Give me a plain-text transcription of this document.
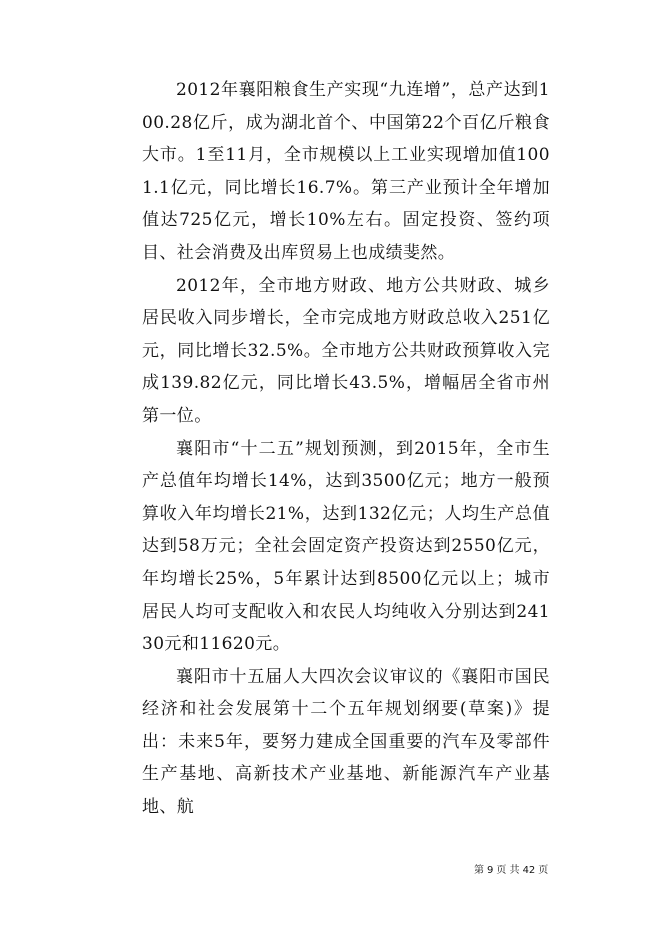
2012年襄阳粮食生产实现“九连增”，总产达到100.28亿斤，成为湖北首个、中国第22个百亿斤粮食大市。1至11月，全市规模以上工业实现增加值1001.1亿元，同比增长16.7%。第三产业预计全年增加值达725亿元，增长10%左右。固定投资、签约项目、社会消费及出库贸易上也成绩斐然。

2012年，全市地方财政、地方公共财政、城乡居民收入同步增长，全市完成地方财政总收入251亿元，同比增长32.5%。全市地方公共财政预算收入完成139.82亿元，同比增长43.5%，增幅居全省市州第一位。

襄阳市“十二五”规划预测，到2015年，全市生产总值年均增长14%，达到3500亿元；地方一般预算收入年均增长21%，达到132亿元；人均生产总值达到58万元；全社会固定资产投资达到2550亿元，年均增长25%，5年累计达到8500亿元以上；城市居民人均可支配收入和农民人均纯收入分别达到24130元和11620元。

襄阳市十五届人大四次会议审议的《襄阳市国民经济和社会发展第十二个五年规划纲要(草案)》提出：未来5年，要努力建成全国重要的汽车及零部件生产基地、高新技术产业基地、新能源汽车产业基地、航

第 9 页 共 42 页
